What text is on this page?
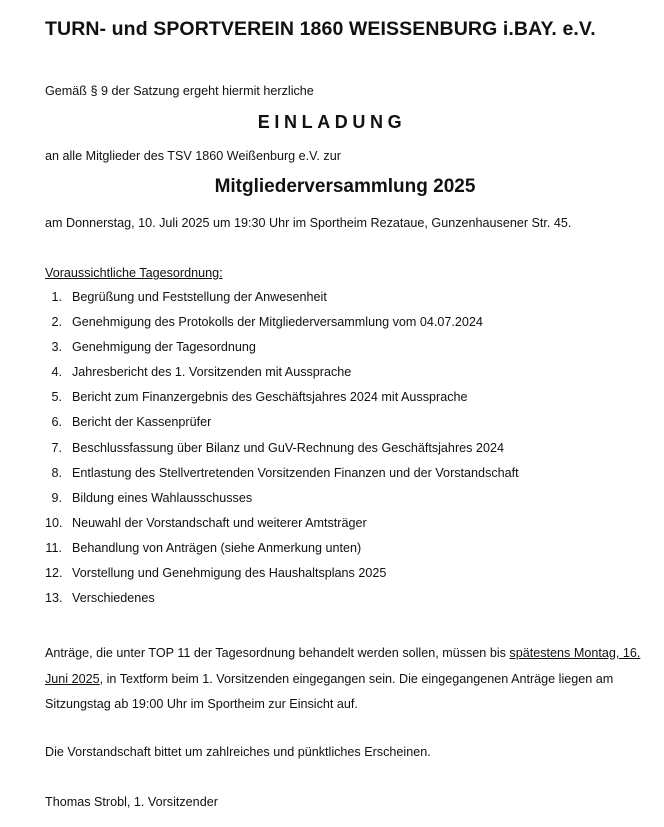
TURN- und SPORTVEREIN 1860 WEISSENBURG i.BAY. e.V.
Gemäß § 9 der Satzung ergeht hiermit herzliche
EINLADUNG
an alle Mitglieder des TSV 1860 Weißenburg e.V. zur
Mitgliederversammlung 2025
am Donnerstag, 10. Juli 2025 um 19:30 Uhr im Sportheim Rezataue, Gunzenhausener Str. 45.
Voraussichtliche Tagesordnung:
1. Begrüßung und Feststellung der Anwesenheit
2. Genehmigung des Protokolls der Mitgliederversammlung vom 04.07.2024
3. Genehmigung der Tagesordnung
4. Jahresbericht des 1. Vorsitzenden mit Aussprache
5. Bericht zum Finanzergebnis des Geschäftsjahres 2024 mit Aussprache
6. Bericht der Kassenprüfer
7. Beschlussfassung über Bilanz und GuV-Rechnung des Geschäftsjahres 2024
8. Entlastung des Stellvertretenden Vorsitzenden Finanzen und der Vorstandschaft
9. Bildung eines Wahlausschusses
10. Neuwahl der Vorstandschaft und weiterer Amtsträger
11. Behandlung von Anträgen (siehe Anmerkung unten)
12. Vorstellung und Genehmigung des Haushaltsplans 2025
13. Verschiedenes
Anträge, die unter TOP 11 der Tagesordnung behandelt werden sollen, müssen bis spätestens Montag, 16. Juni 2025, in Textform beim 1. Vorsitzenden eingegangen sein. Die eingegangenen Anträge liegen am Sitzungstag ab 19:00 Uhr im Sportheim zur Einsicht auf.
Die Vorstandschaft bittet um zahlreiches und pünktliches Erscheinen.
Thomas Strobl, 1. Vorsitzender
